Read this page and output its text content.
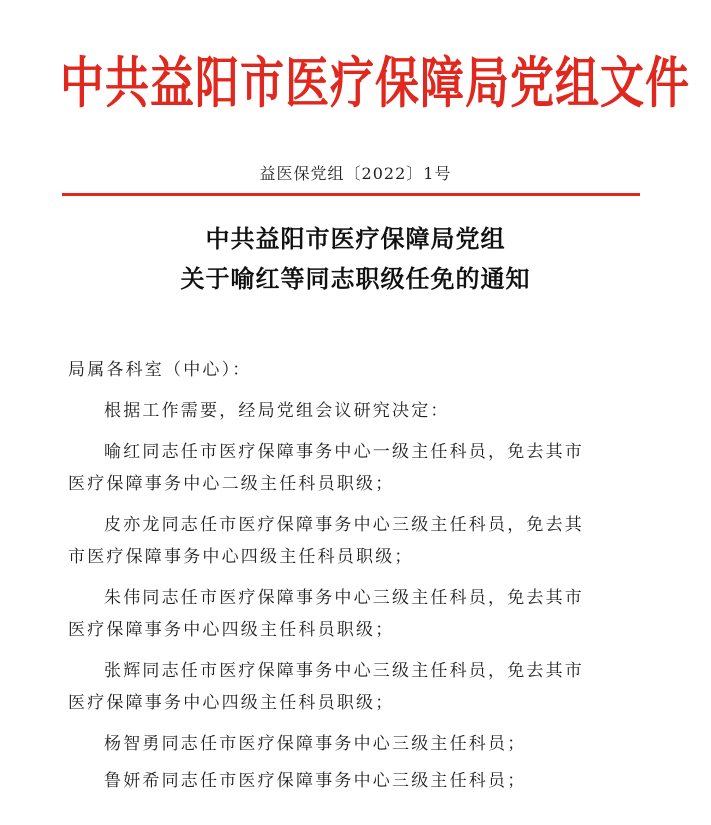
中共益阳市医疗保障局党组文件
益医保党组〔2022〕1号
中共益阳市医疗保障局党组
关于喻红等同志职级任免的通知
局属各科室（中心）：
根据工作需要，经局党组会议研究决定：
喻红同志任市医疗保障事务中心一级主任科员，免去其市
医疗保障事务中心二级主任科员职级；
皮亦龙同志任市医疗保障事务中心三级主任科员，免去其
市医疗保障事务中心四级主任科员职级；
朱伟同志任市医疗保障事务中心三级主任科员，免去其市
医疗保障事务中心四级主任科员职级；
张辉同志任市医疗保障事务中心三级主任科员，免去其市
医疗保障事务中心四级主任科员职级；
杨智勇同志任市医疗保障事务中心三级主任科员；
鲁妍希同志任市医疗保障事务中心三级主任科员；
